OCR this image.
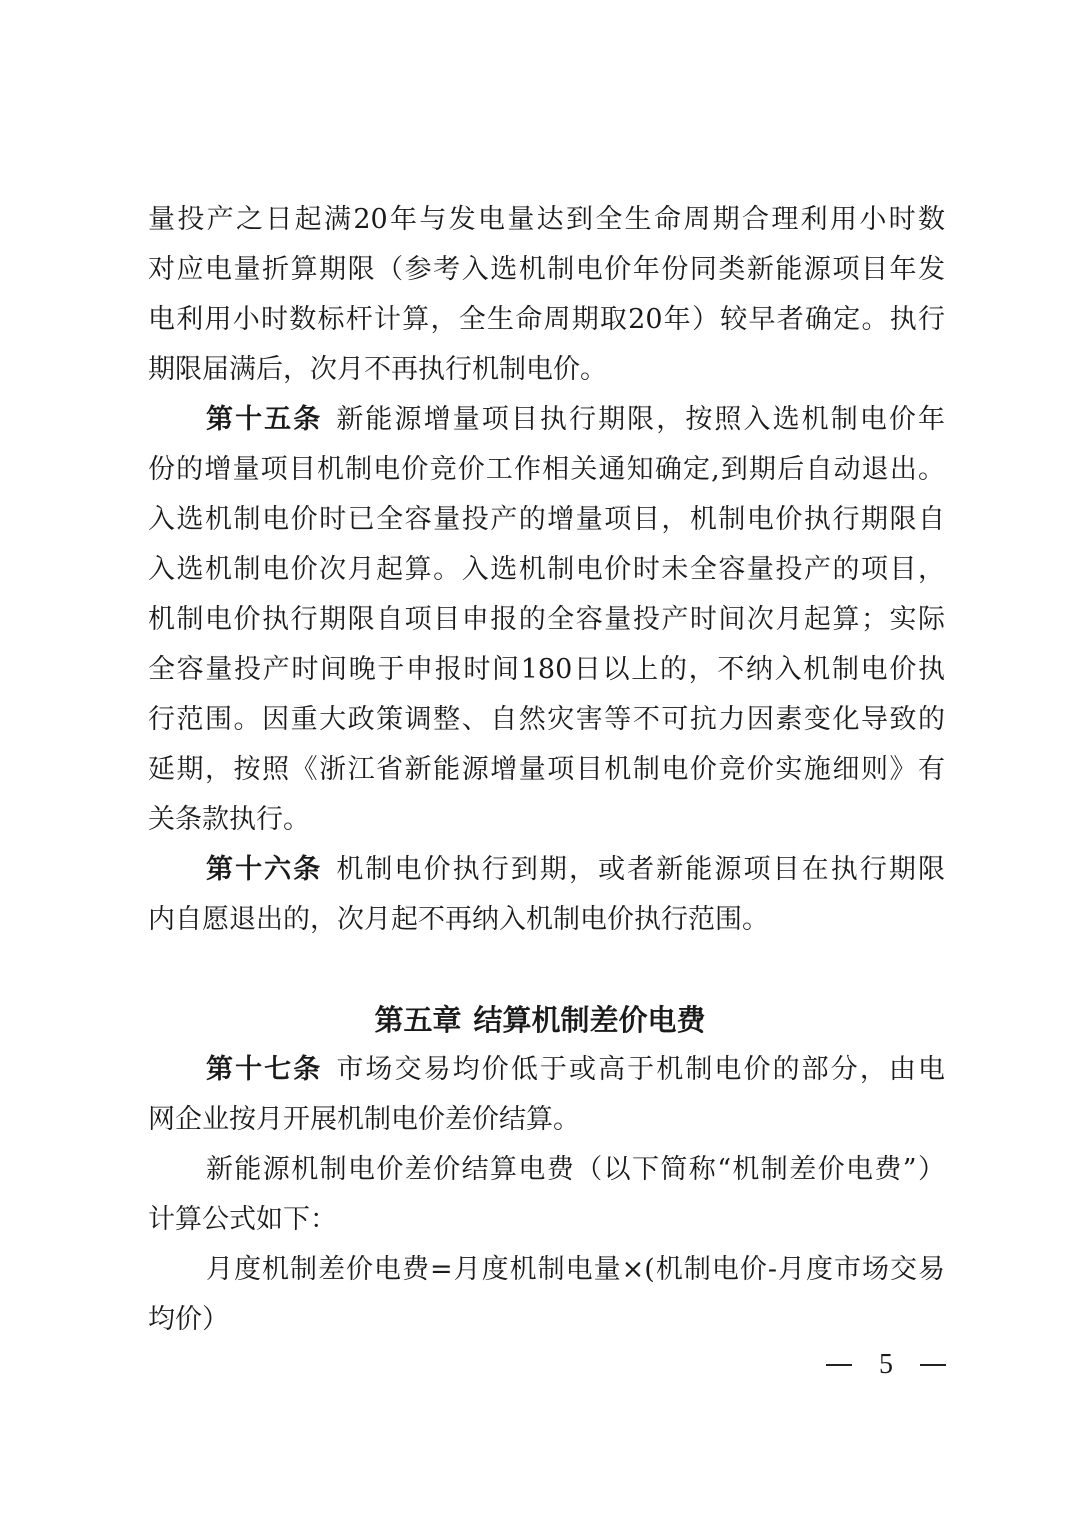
量投产之日起满20年与发电量达到全生命周期合理利用小时数
对应电量折算期限（参考入选机制电价年份同类新能源项目年发
电利用小时数标杆计算，全生命周期取20年）较早者确定。执行
期限届满后，次月不再执行机制电价。
第十五条 新能源增量项目执行期限，按照入选机制电价年
份的增量项目机制电价竞价工作相关通知确定,到期后自动退出。
入选机制电价时已全容量投产的增量项目，机制电价执行期限自
入选机制电价次月起算。入选机制电价时未全容量投产的项目，
机制电价执行期限自项目申报的全容量投产时间次月起算；实际
全容量投产时间晚于申报时间180日以上的，不纳入机制电价执
行范围。因重大政策调整、自然灾害等不可抗力因素变化导致的
延期，按照《浙江省新能源增量项目机制电价竞价实施细则》有
关条款执行。
第十六条 机制电价执行到期，或者新能源项目在执行期限
内自愿退出的，次月起不再纳入机制电价执行范围。
第五章 结算机制差价电费
第十七条 市场交易均价低于或高于机制电价的部分，由电
网企业按月开展机制电价差价结算。
新能源机制电价差价结算电费（以下简称“机制差价电费”）
计算公式如下：
月度机制差价电费=月度机制电量×(机制电价-月度市场交易
均价）
5
